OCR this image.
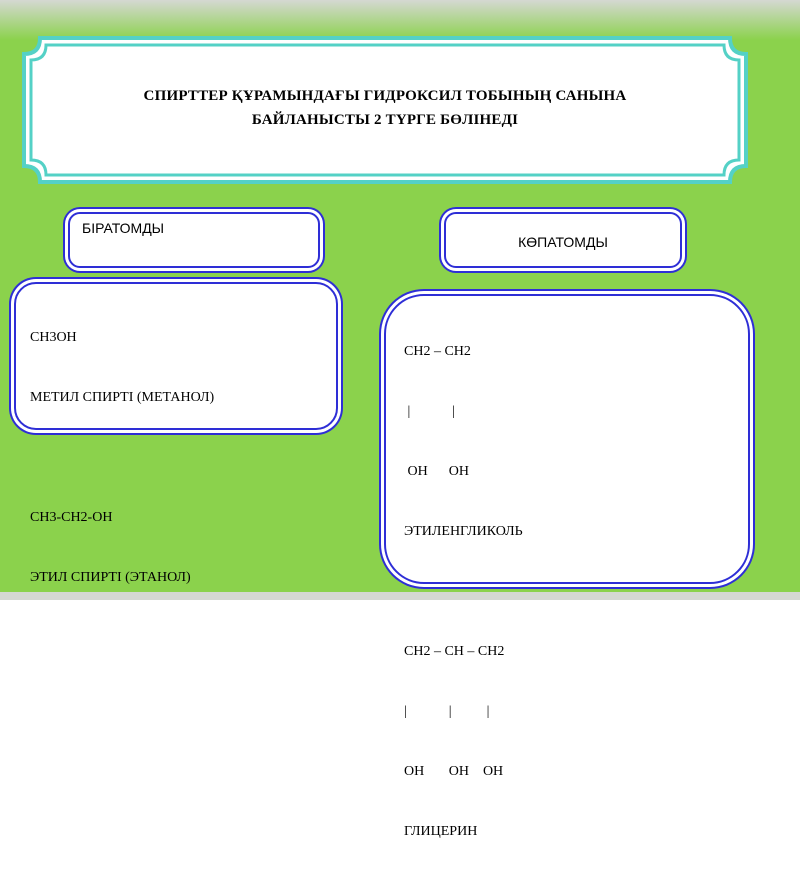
СПИРТТЕР ҚҰРАМЫНДАҒЫ ГИДРОКСИЛ ТОБЫНЫҢ САНЫНА
БАЙЛАНЫСТЫ 2 ТҮРГЕ БӨЛІНЕДІ
БІРАТОМДЫ
КӨПАТОМДЫ

CH3OH

МЕТИЛ СПИРТІ (МЕТАНОЛ)

CH3-CH2-OH

ЭТИЛ СПИРТІ (ЭТАНОЛ)

CH2 – CH2

|            |

OH      OH

ЭТИЛЕНГЛИКОЛЬ

CH2 – CH – CH2

|            |          |

OH       OH    OH

ГЛИЦЕРИН
